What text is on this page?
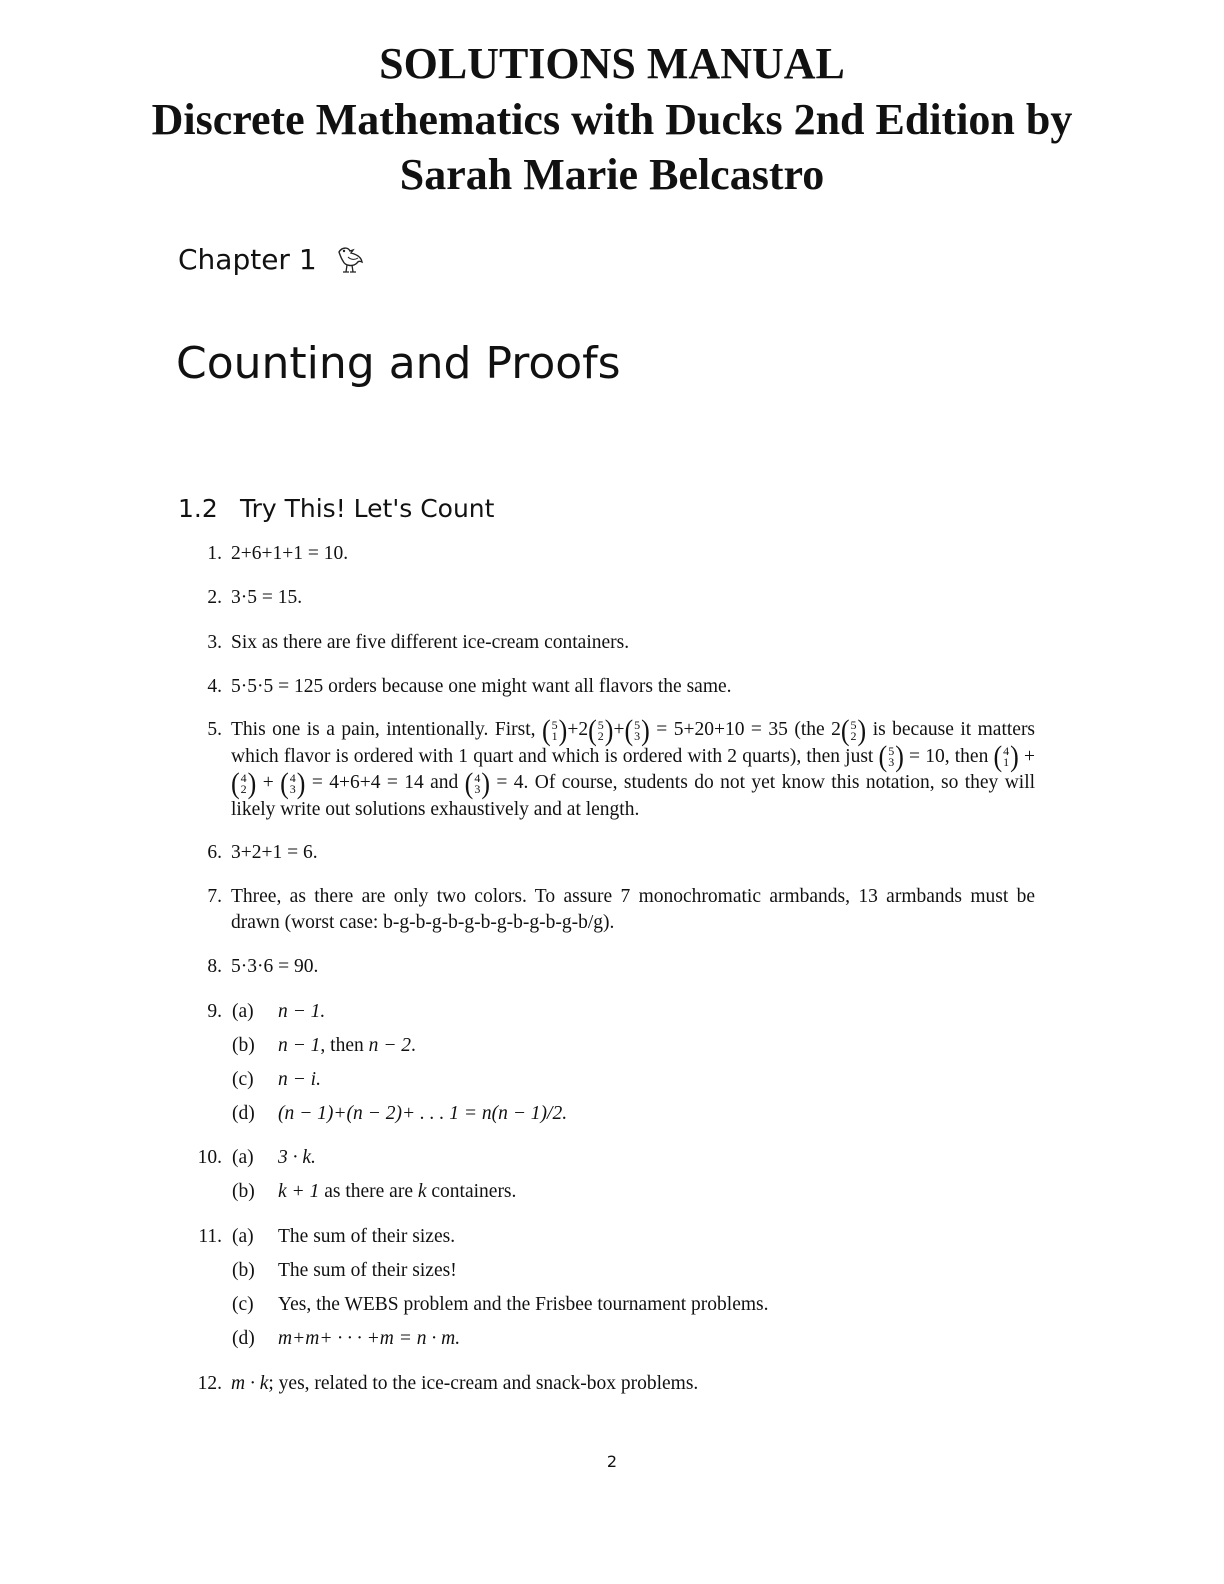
SOLUTIONS MANUAL
Discrete Mathematics with Ducks 2nd Edition by
Sarah Marie Belcastro
Chapter 1
Counting and Proofs
1.2 Try This! Let's Count
1. 2+6+1+1 = 10.
2. 3·5 = 15.
3. Six as there are five different ice-cream containers.
4. 5·5·5 = 125 orders because one might want all flavors the same.
5. This one is a pain, intentionally. First, ( 5
1 ) +2 ( 5
2 ) + ( 5
3 ) = 5+20+10 = 35 (the 2 ( 5
2 ) is because it matters which flavor is ordered with 1 quart and which is ordered with 2 quarts), then just ( 5
3 ) = 10, then ( 4
1 ) +
( 4
2 ) + ( 4
3 ) = 4+6+4 = 14 and ( 4
3 ) = 4. Of course, students do not yet know this notation, so they will likely write out solutions exhaustively and at length.
6. 3+2+1 = 6.
7. Three, as there are only two colors. To assure 7 monochromatic armbands, 13 armbands must be drawn (worst case: b-g-b-g-b-g-b-g-b-g-b-g-b/g).
8. 5·3·6 = 90.
9. (a)	n − 1.
(b)	n − 1, then n − 2.
(c)	n − i.
(d)	(n − 1)+(n − 2)+ . . . 1 = n(n − 1)/2.
10. (a)	3 · k.
(b)	k + 1 as there are k containers.
11. (a)	The sum of their sizes.
(b)	The sum of their sizes!
(c)	Yes, the WEBS problem and the Frisbee tournament problems.
(d)	m+m+ · · · +m = n · m.
12. m · k; yes, related to the ice-cream and snack-box problems.
2
